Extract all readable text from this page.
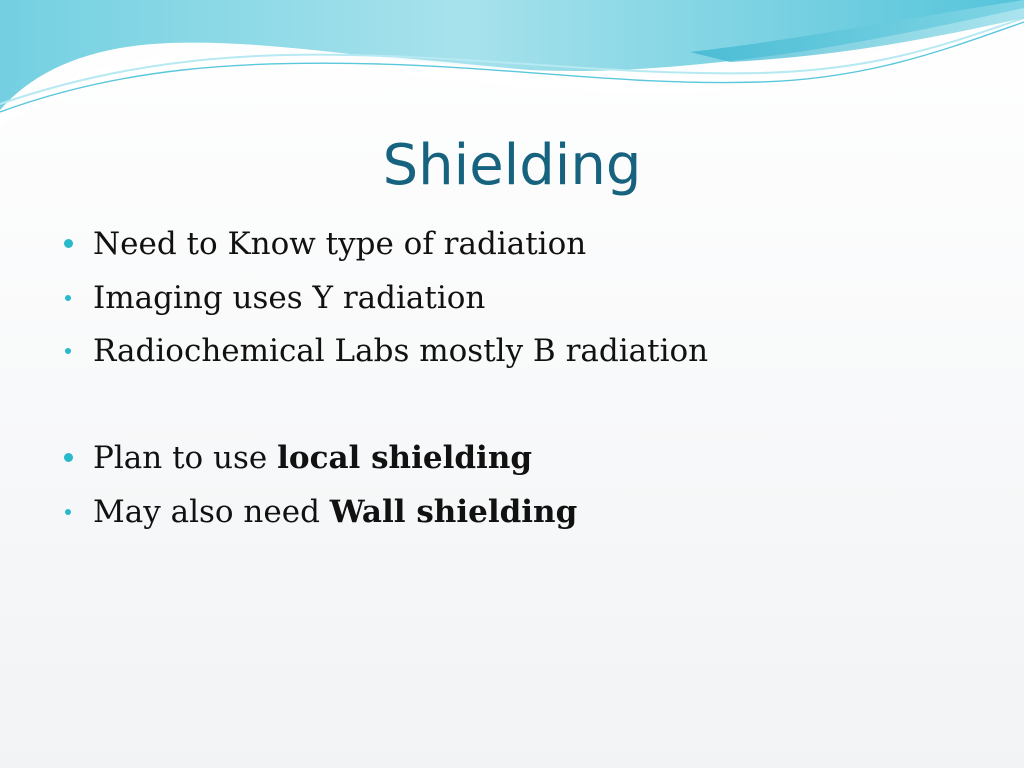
Shielding
Need to Know type of radiation
Imaging uses Y radiation
Radiochemical Labs mostly B radiation
Plan to use local shielding
May also need Wall shielding
